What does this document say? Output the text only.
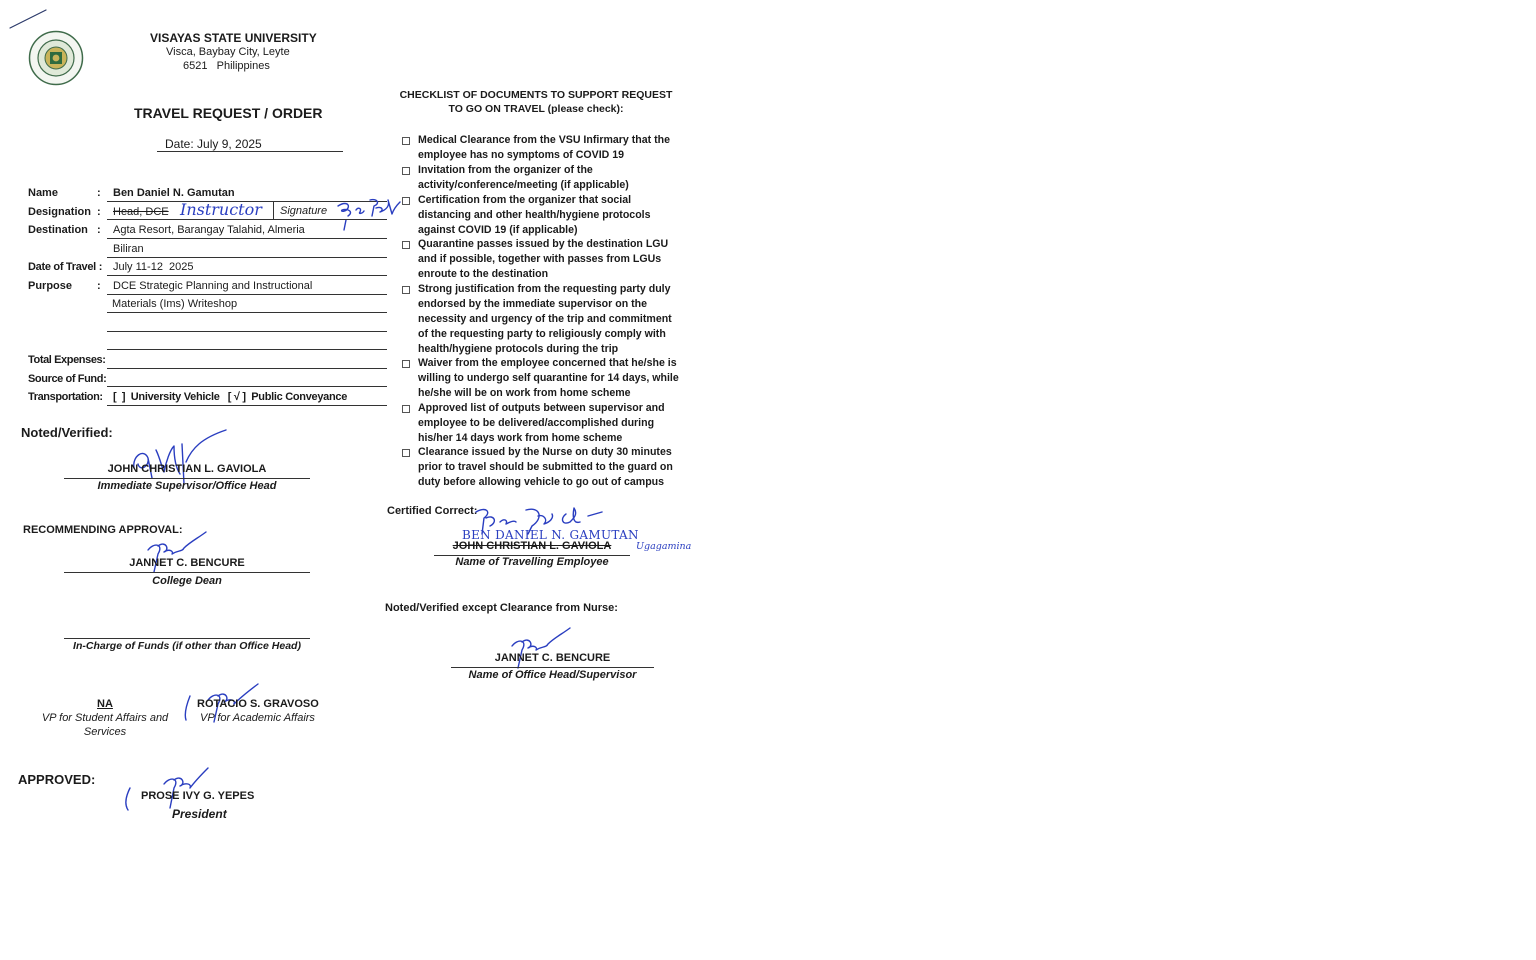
VISAYAS STATE UNIVERSITY
Visca, Baybay City, Leyte
6521   Philippines
TRAVEL REQUEST / ORDER
Date: July 9, 2025
Name	: Ben Daniel N. Gamutan
Designation : Head, DCE Instructor Signature
Destination : Agta Resort, Barangay Talahid, Almeria
Biliran
Date of Travel : July 11-12  2025
Purpose : DCE Strategic Planning and Instructional
Materials (Ims) Writeshop
Total Expenses:
Source of Fund:
Transportation: [  ]  University Vehicle   [ √ ]  Public Conveyance
Noted/Verified:
JOHN CHRISTIAN L. GAVIOLA
Immediate Supervisor/Office Head
RECOMMENDING APPROVAL:
JANNET C. BENCURE
College Dean
In-Charge of Funds (if other than Office Head)
NA
VP for Student Affairs and
Services
ROTACIO S. GRAVOSO
VP for Academic Affairs
APPROVED:
PROSE IVY G. YEPES
President
CHECKLIST OF DOCUMENTS TO SUPPORT REQUEST
TO GO ON TRAVEL (please check):
Medical Clearance from the VSU Infirmary that the employee has no symptoms of COVID 19
Invitation from the organizer of the activity/conference/meeting (if applicable)
Certification from the organizer that social distancing and other health/hygiene protocols against COVID 19 (if applicable)
Quarantine passes issued by the destination LGU and if possible, together with passes from LGUs enroute to the destination
Strong justification from the requesting party duly endorsed by the immediate supervisor on the necessity and urgency of the trip and commitment of the requesting party to religiously comply with health/hygiene protocols during the trip
Waiver from the employee concerned that he/she is willing to undergo self quarantine for 14 days, while he/she will be on work from home scheme
Approved list of outputs between supervisor and employee to be delivered/accomplished during his/her 14 days work from home scheme
Clearance issued by the Nurse on duty 30 minutes prior to travel should be submitted to the guard on duty before allowing vehicle to go out of campus
Certified Correct:
BEN DANIEL N. GAMUTAN
JOHN CHRISTIAN L. GAVIOLA	Ugagamina
Name of Travelling Employee
Noted/Verified except Clearance from Nurse:
JANNET C. BENCURE
Name of Office Head/Supervisor
